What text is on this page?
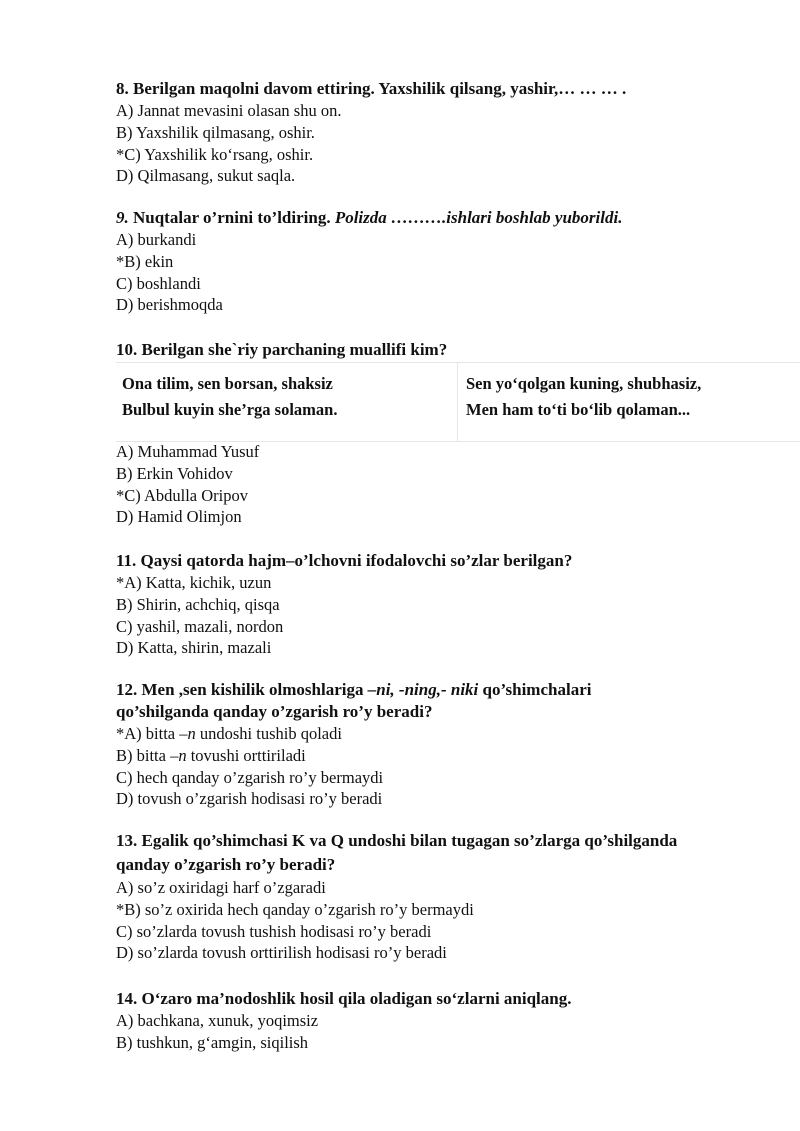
8. Berilgan maqolni davom ettiring. Yaxshilik qilsang, yashir,… … … .

A) Jannat mevasini olasan shu on.

B) Yaxshilik qilmasang, oshir.

*C) Yaxshilik ko‘rsang, oshir.

D) Qilmasang, sukut saqla.

9. Nuqtalar o’rnini to’ldiring. Polizda ……….ishlari boshlab yuborildi.

A) burkandi

*B) ekin

C) boshlandi

D) berishmoqda

10. Berilgan she`riy parchaning muallifi kim?

Ona tilim, sen borsan, shaksiz
Bulbul kuyin she’rga solaman.
Sen yo‘qolgan kuning, shubhasiz,
Men ham to‘ti bo‘lib qolaman...

A) Muhammad Yusuf

B) Erkin Vohidov

*C) Abdulla Oripov

D) Hamid Olimjon

11. Qaysi qatorda hajm–o’lchovni ifodalovchi so’zlar berilgan?

*A) Katta, kichik, uzun

B) Shirin, achchiq, qisqa

C) yashil, mazali, nordon

D) Katta, shirin, mazali

12. Men ,sen kishilik olmoshlariga –ni, -ning,- niki qo’shimchalari

qo’shilganda qanday o’zgarish ro’y beradi?

*A) bitta –n undoshi tushib qoladi

B) bitta –n tovushi orttiriladi

C) hech qanday o’zgarish ro’y bermaydi

D) tovush o’zgarish hodisasi ro’y beradi

13. Egalik qo’shimchasi K va Q undoshi bilan tugagan so’zlarga qo’shilganda

qanday o’zgarish ro’y beradi?

A) so’z oxiridagi harf o’zgaradi

*B) so’z oxirida hech qanday o’zgarish ro’y bermaydi

C) so’zlarda tovush tushish hodisasi ro’y beradi

D) so’zlarda tovush orttirilish hodisasi ro’y beradi

14. O‘zaro ma’nodoshlik hosil qila oladigan so‘zlarni aniqlang.

A) bachkana, xunuk, yoqimsiz

B) tushkun, g‘amgin, siqilish
